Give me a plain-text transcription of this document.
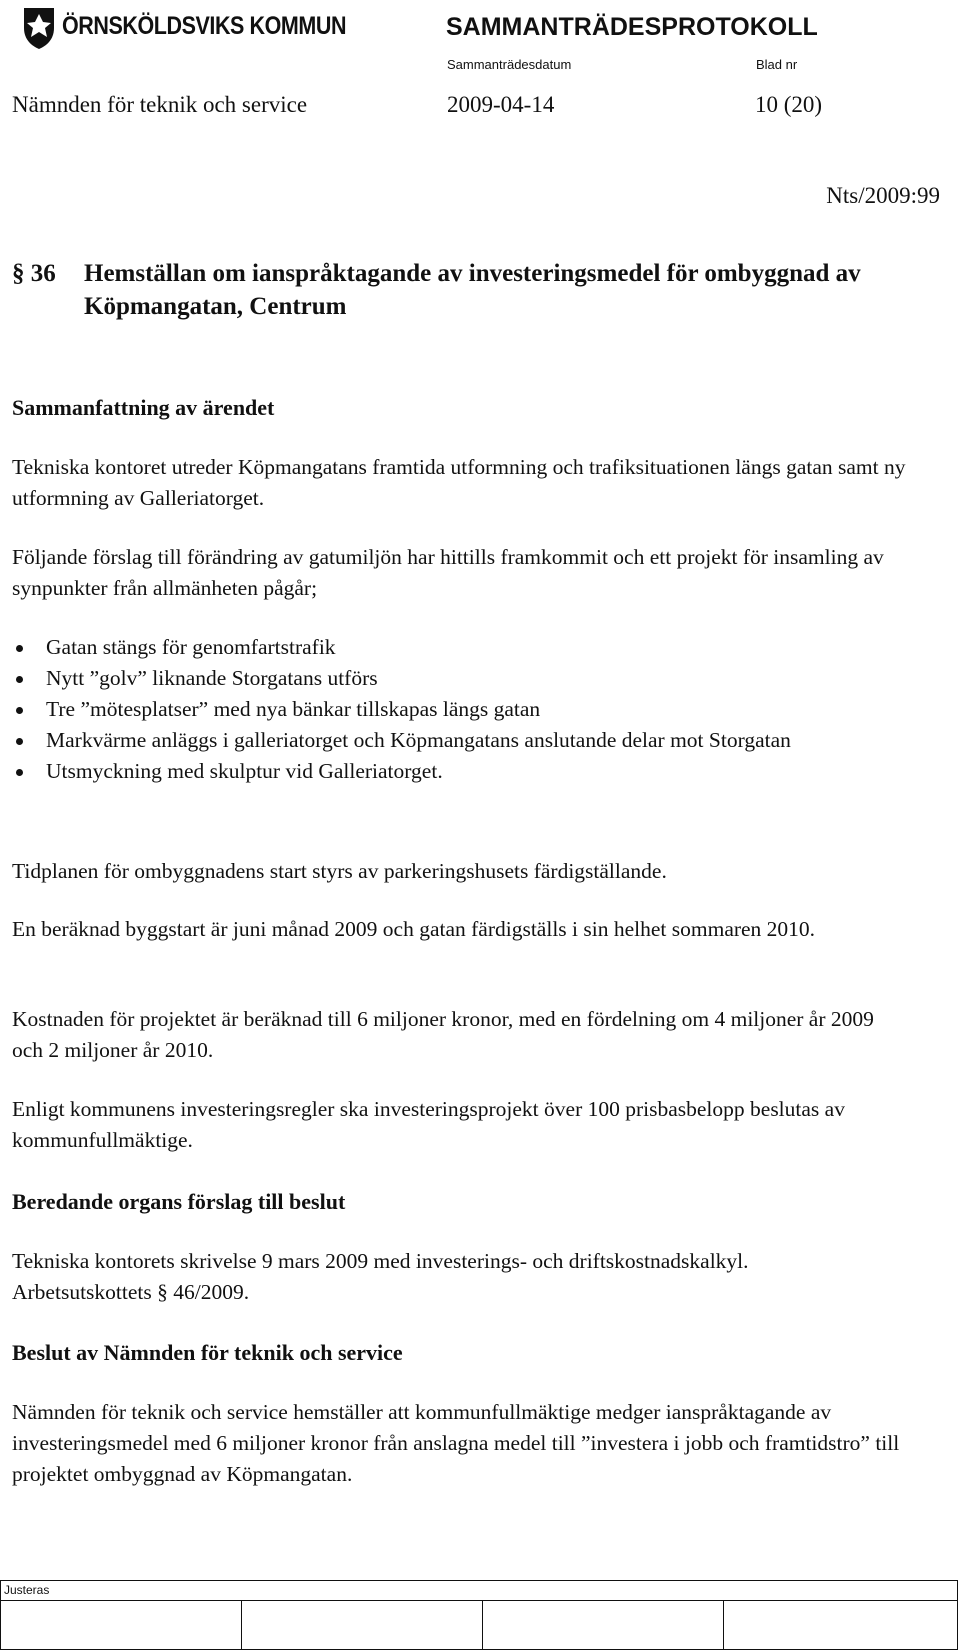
ÖRNSKÖLDSVIKS KOMMUN	SAMMANTRÄDESPROTOKOLL
Sammanträdesdatum	Blad nr
Nämnden för teknik och service	2009-04-14	10 (20)
Nts/2009:99
§ 36 Hemställan om ianspråktagande av investeringsmedel för ombyggnad av Köpmangatan, Centrum
Sammanfattning av ärendet
Tekniska kontoret utreder Köpmangatans framtida utformning och trafiksituationen längs gatan samt ny utformning av Galleriatorget.
Följande förslag till förändring av gatumiljön har hittills framkommit och ett projekt för insamling av synpunkter från allmänheten pågår;
Gatan stängs för genomfartstrafik
Nytt ”golv” liknande Storgatans utförs
Tre ”mötesplatser” med nya bänkar tillskapas längs gatan
Markvärme anläggs i galleriatorget och Köpmangatans anslutande delar mot Storgatan
Utsmyckning med skulptur vid Galleriatorget.
Tidplanen för ombyggnadens start styrs av parkeringshusets färdigställande.
En beräknad byggstart är juni månad 2009 och gatan färdigställs i sin helhet sommaren 2010.
Kostnaden för projektet är beräknad till 6 miljoner kronor, med en fördelning om 4 miljoner år 2009 och 2 miljoner år 2010.
Enligt kommunens investeringsregler ska investeringsprojekt över 100 prisbasbelopp beslutas av kommunfullmäktige.
Beredande organs förslag till beslut
Tekniska kontorets skrivelse 9 mars 2009 med investerings- och driftskostnadskalkyl.
Arbetsutskottets § 46/2009.
Beslut av Nämnden för teknik och service
Nämnden för teknik och service hemställer att kommunfullmäktige medger ianspråktagande av investeringsmedel med 6 miljoner kronor från anslagna medel till ”investera i jobb och framtidstro” till projektet ombyggnad av Köpmangatan.
Justeras
